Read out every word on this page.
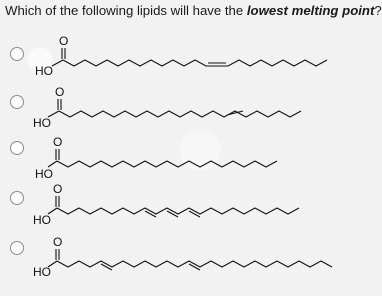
Which of the following lipids will have the lowest melting point?
HO
O
HO
O
HO
O
HO
O
HO
O
